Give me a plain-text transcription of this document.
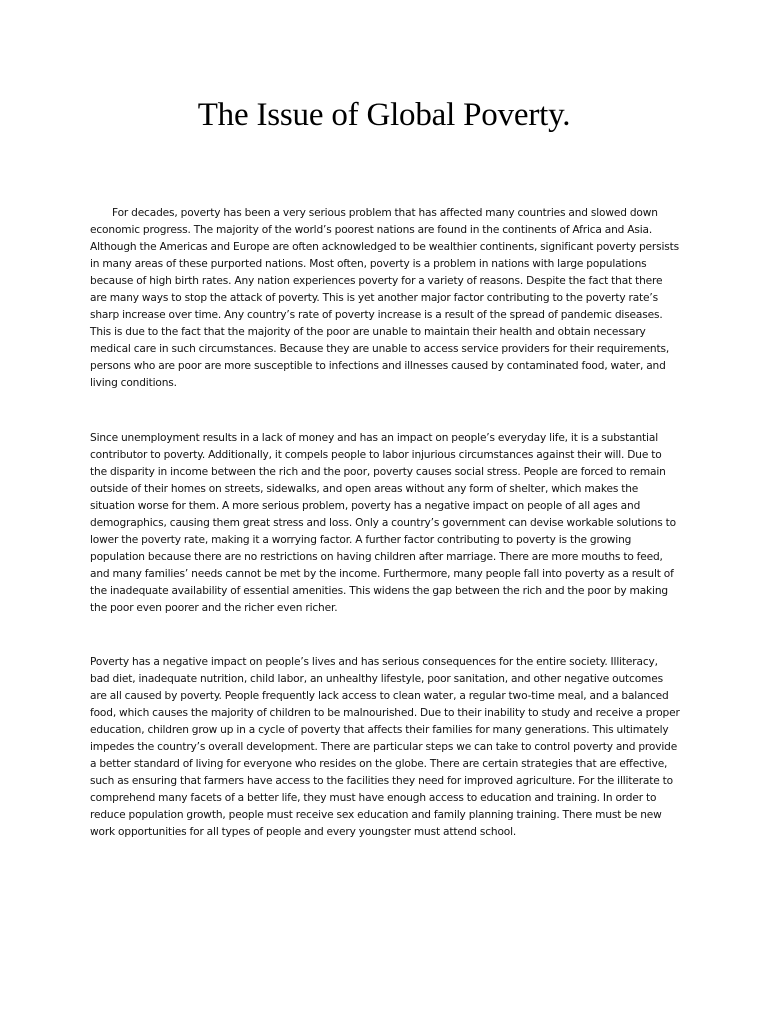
The Issue of Global Poverty.

For decades, poverty has been a very serious problem that has affected many countries and slowed down economic progress. The majority of the world’s poorest nations are found in the continents of Africa and Asia. Although the Americas and Europe are often acknowledged to be wealthier continents, significant poverty persists in many areas of these purported nations. Most often, poverty is a problem in nations with large populations because of high birth rates. Any nation experiences poverty for a variety of reasons. Despite the fact that there are many ways to stop the attack of poverty. This is yet another major factor contributing to the poverty rate’s sharp increase over time. Any country’s rate of poverty increase is a result of the spread of pandemic diseases. This is due to the fact that the majority of the poor are unable to maintain their health and obtain necessary medical care in such circumstances. Because they are unable to access service providers for their requirements, persons who are poor are more susceptible to infections and illnesses caused by contaminated food, water, and living conditions.

Since unemployment results in a lack of money and has an impact on people’s everyday life, it is a substantial contributor to poverty. Additionally, it compels people to labor injurious circumstances against their will. Due to the disparity in income between the rich and the poor, poverty causes social stress. People are forced to remain outside of their homes on streets, sidewalks, and open areas without any form of shelter, which makes the situation worse for them. A more serious problem, poverty has a negative impact on people of all ages and demographics, causing them great stress and loss. Only a country’s government can devise workable solutions to lower the poverty rate, making it a worrying factor. A further factor contributing to poverty is the growing population because there are no restrictions on having children after marriage. There are more mouths to feed, and many families’ needs cannot be met by the income. Furthermore, many people fall into poverty as a result of the inadequate availability of essential amenities. This widens the gap between the rich and the poor by making the poor even poorer and the richer even richer.

Poverty has a negative impact on people’s lives and has serious consequences for the entire society. Illiteracy, bad diet, inadequate nutrition, child labor, an unhealthy lifestyle, poor sanitation, and other negative outcomes are all caused by poverty. People frequently lack access to clean water, a regular two-time meal, and a balanced food, which causes the majority of children to be malnourished. Due to their inability to study and receive a proper education, children grow up in a cycle of poverty that affects their families for many generations. This ultimately impedes the country’s overall development. There are particular steps we can take to control poverty and provide a better standard of living for everyone who resides on the globe. There are certain strategies that are effective, such as ensuring that farmers have access to the facilities they need for improved agriculture. For the illiterate to comprehend many facets of a better life, they must have enough access to education and training. In order to reduce population growth, people must receive sex education and family planning training. There must be new work opportunities for all types of people and every youngster must attend school.
